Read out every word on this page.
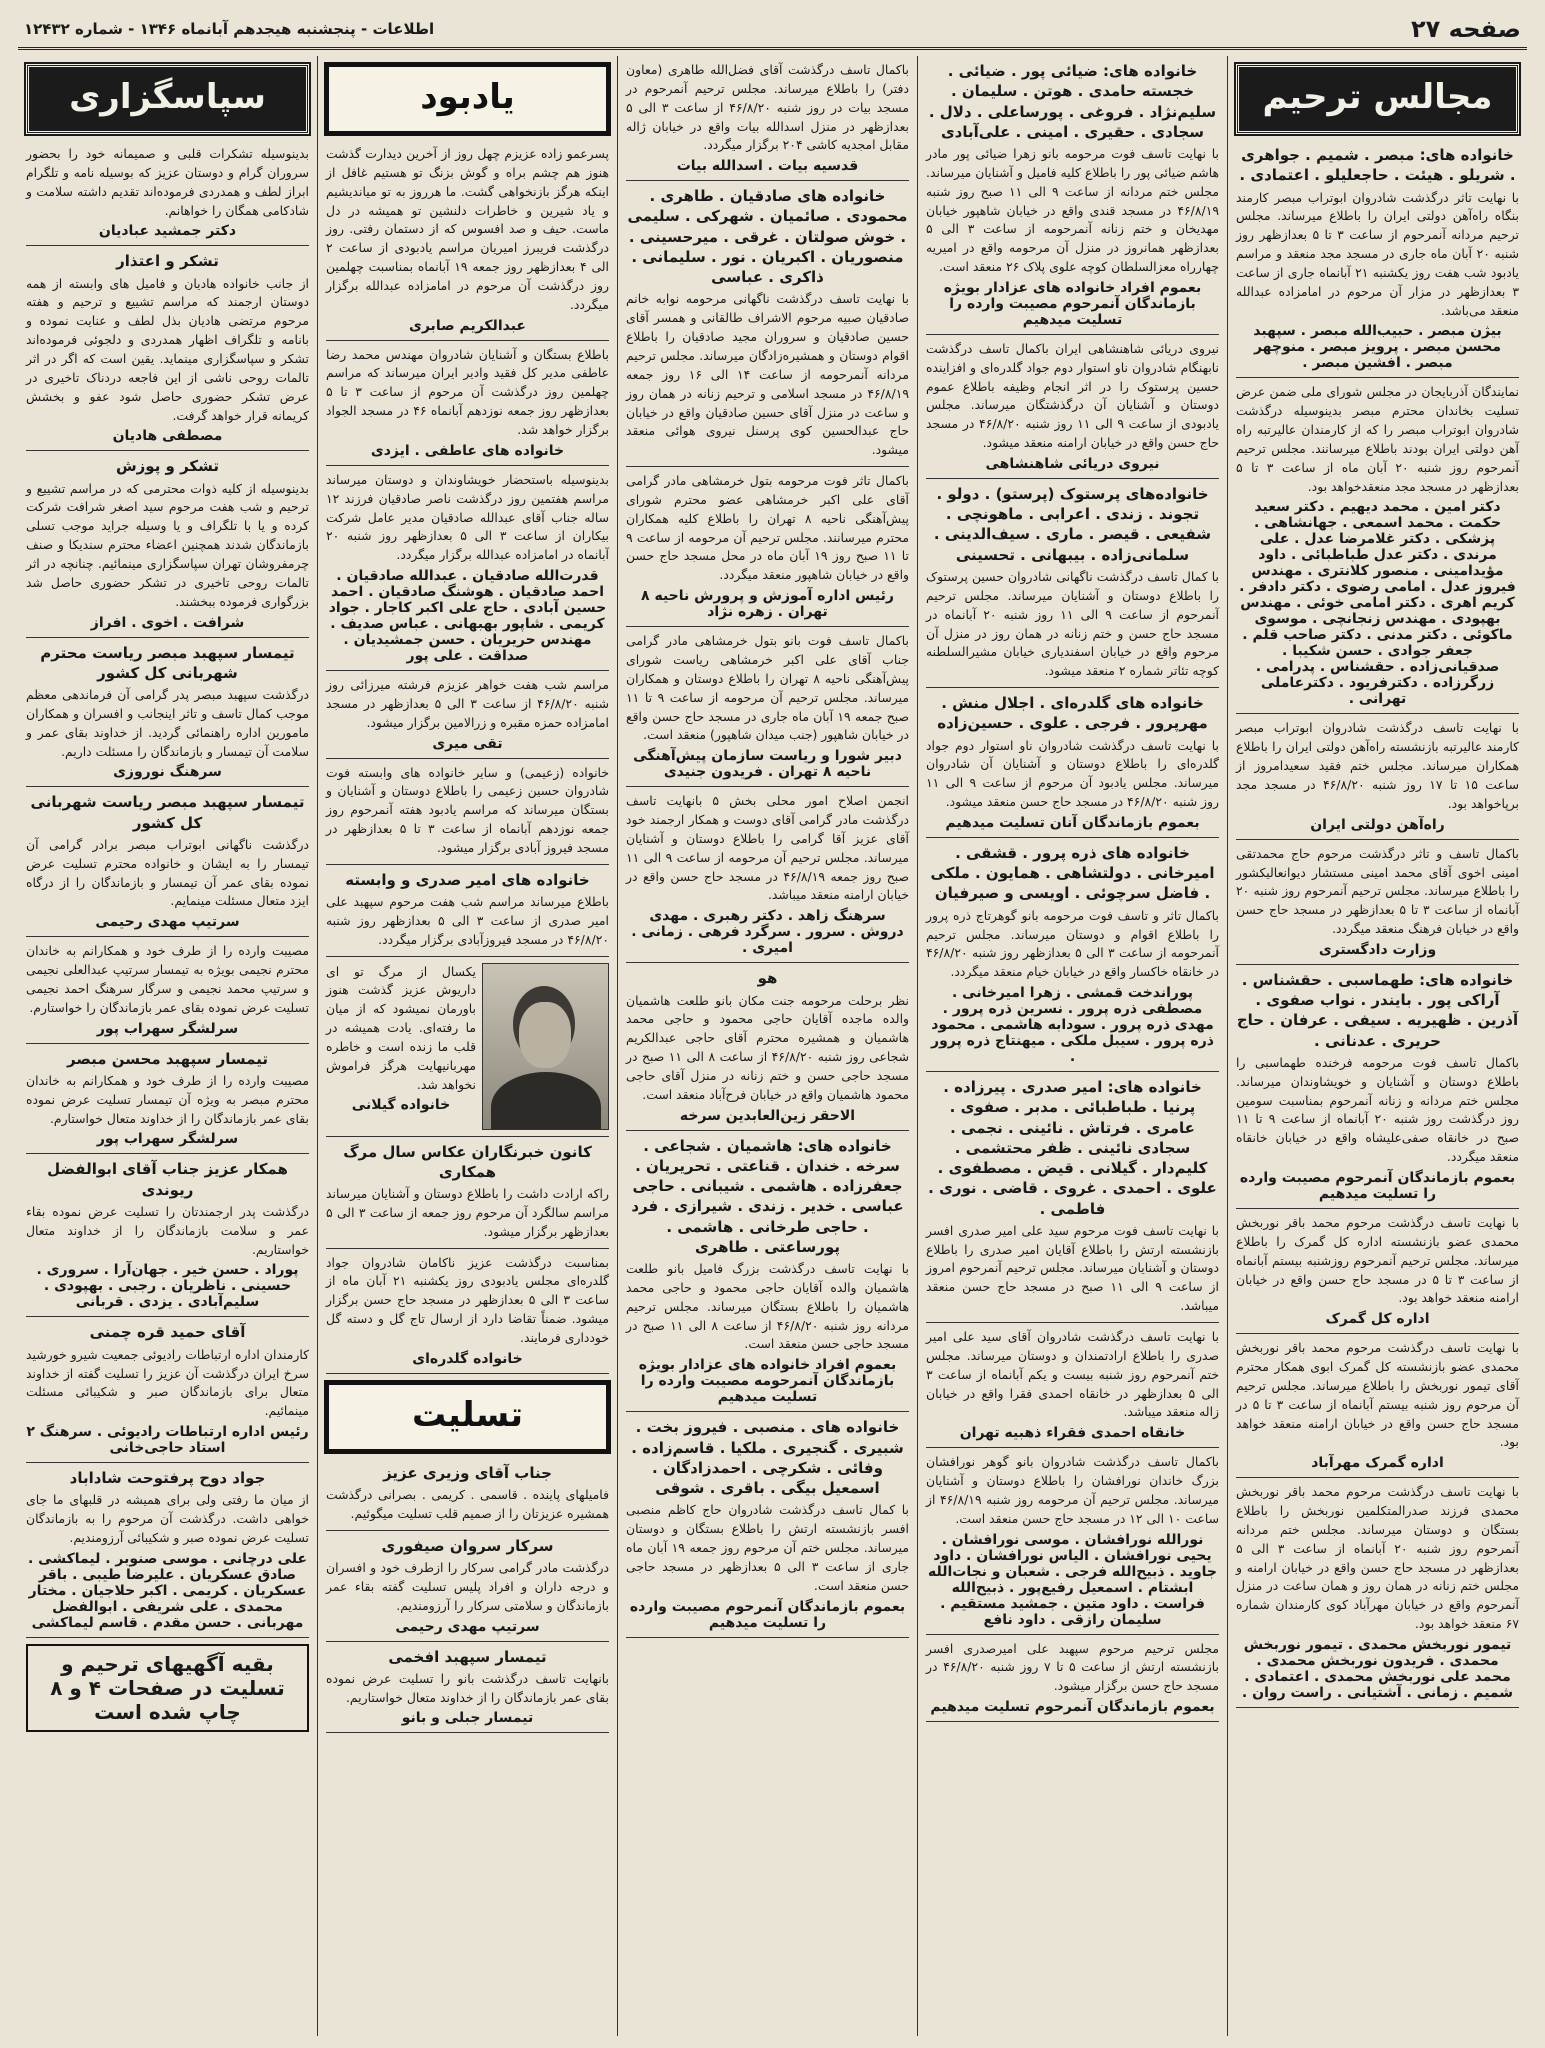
صفحه ۲۷
اطلاعات - پنجشنبه هیجدهم آبانماه ۱۳۴۶ - شماره ۱۲۴۳۲
مجالس ترحیم
خانواده های: مبصر . شمیم . جواهری . شریلو . هیئت . حاجعلیلو . اعتمادی .
با نهایت تاثر درگذشت شادروان ابوتراب مبصر کارمند بنگاه راه‌آهن دولتی ایران را باطلاع میرساند. مجلس ترحیم مردانه آنمرحوم از ساعت ۳ تا ۵ بعدازظهر روز شنبه ۲۰ آبان ماه جاری در مسجد مجد منعقد و مراسم یادبود شب هفت روز یکشنبه ۲۱ آبانماه جاری از ساعت ۳ بعدازظهر در مزار آن مرحوم در امامزاده عبدالله منعقد می‌باشد.
بیژن مبصر . حبیب‌الله مبصر . سپهبد محسن مبصر . پرویز مبصر . منوچهر مبصر . افشین مبصر .
نمایندگان آذربایجان در مجلس شورای ملی ضمن عرض تسلیت بخاندان محترم مبصر بدینوسیله درگذشت شادروان ابوتراب مبصر را که از کارمندان عالیرتبه راه آهن دولتی ایران بودند باطلاع میرسانند. مجلس ترحیم آنمرحوم روز شنبه ۲۰ آبان ماه از ساعت ۳ تا ۵ بعدازظهر در مسجد مجد منعقدخواهد بود.
دکتر امین . محمد دیهیم . دکتر سعید حکمت . محمد اسمعی . جهانشاهی . پزشکی . دکتر غلامرضا عدل . علی مرندی . دکتر عدل طباطبائی . داود مؤیدامینی . منصور کلانتری . مهندس فیروز عدل . امامی رضوی . دکتر دادفر . کریم اهری . دکتر امامی خوئی . مهندس بهپودی . مهندس زنجانچی . موسوی ماکوئی . دکتر مدنی . دکتر صاحب قلم . جعفر جوادی . حسن شکیبا . صدقیانی‌زاده . حقشناس . پدرامی . زرگرزاده . دکترفریود . دکترعاملی تهرانی .
با نهایت تاسف درگذشت شادروان ابوتراب مبصر کارمند عالیرتبه بازنشسته راه‌آهن دولتی ایران را باطلاع همکاران میرساند. مجلس ختم فقید سعیدامروز از ساعت ۱۵ تا ۱۷ روز شنبه ۴۶/۸/۲۰ در مسجد مجد برپاخواهد بود.
راه‌آهن دولتی ایران
باکمال تاسف و تاثر درگذشت مرحوم حاج محمدتقی امینی اخوی آقای محمد امینی مستشار دیوانعالیکشور را باطلاع میرساند. مجلس ترحیم آنمرحوم روز شنبه ۲۰ آبانماه از ساعت ۳ تا ۵ بعدازظهر در مسجد حاج حسن واقع در خیابان فرهنگ منعقد میگردد.
وزارت دادگستری
خانواده های: طهماسبی . حقشناس . آراکی پور . بایندر . نواب صفوی . آذرین . ظهیریه . سیفی . عرفان . حاج حریری . عدنانی .
باکمال تاسف فوت مرحومه فرخنده طهماسبی را باطلاع دوستان و آشنایان و خویشاوندان میرساند. مجلس ختم مردانه و زنانه آنمرحوم بمناسبت سومین روز درگذشت روز شنبه ۲۰ آبانماه از ساعت ۹ تا ۱۱ صبح در خانقاه صفی‌علیشاه واقع در خیابان خانقاه منعقد میگردد.
بعموم بازماندگان آنمرحوم مصیبت وارده را تسلیت میدهیم
با نهایت تاسف درگذشت مرحوم محمد باقر نوربخش محمدی عضو بازنشسته اداره کل گمرک را باطلاع میرساند. مجلس ترحیم آنمرحوم روزشنبه بیستم آبانماه از ساعت ۳ تا ۵ در مسجد حاج حسن واقع در خیابان ارامنه منعقد خواهد بود.
اداره کل گمرک
با نهایت تاسف درگذشت مرحوم محمد باقر نوربخش محمدی عضو بازنشسته کل گمرک ابوی همکار محترم آقای تیمور نوربخش را باطلاع میرساند. مجلس ترحیم آن مرحوم روز شنبه بیستم آبانماه از ساعت ۳ تا ۵ در مسجد حاج حسن واقع در خیابان ارامنه منعقد خواهد بود.
اداره گمرک مهرآباد
با نهایت تاسف درگذشت مرحوم محمد باقر نوربخش محمدی فرزند صدرالمتکلمین نوربخش را باطلاع بستگان و دوستان میرساند. مجلس ختم مردانه آنمرحوم روز شنبه ۲۰ آبانماه از ساعت ۳ الی ۵ بعدازظهر در مسجد حاج حسن واقع در خیابان ارامنه و مجلس ختم زنانه در همان روز و همان ساعت در منزل آنمرحوم واقع در خیابان مهرآباد کوی کارمندان شماره ۶۷ منعقد خواهد بود.
تیمور نوربخش محمدی . تیمور نوربخش محمدی . فریدون نوربخش محمدی . محمد علی نوربخش محمدی . اعتمادی . شمیم . زمانی . آشتیانی . راست روان .
خانواده های: ضیائی پور . ضیائی . خجسته حامدی . هوتن . سلیمان . سلیم‌نژاد . فروغی . پورساعلی . دلال . سجادی . حقیری . امینی . علی‌آبادی
با نهایت تاسف فوت مرحومه بانو زهرا ضیائی پور مادر هاشم ضیائی پور را باطلاع کلیه فامیل و آشنایان میرساند. مجلس ختم مردانه از ساعت ۹ الی ۱۱ صبح روز شنبه ۴۶/۸/۱۹ در مسجد قندی واقع در خیابان شاهپور خیابان مهدیخان و ختم زنانه آنمرحومه از ساعت ۳ الی ۵ بعدازظهر همانروز در منزل آن مرحومه واقع در امیریه چهارراه معزالسلطان کوچه علوی پلاک ۲۶ منعقد است.
بعموم افراد خانواده های عزادار بویژه بازماندگان آنمرحوم مصیبت وارده را تسلیت میدهیم
نیروی دریائی شاهنشاهی ایران باکمال تاسف درگذشت نابهنگام شادروان ناو استوار دوم جواد گلدره‌ای و افزاینده حسین پرستوک را در اثر انجام وظیفه باطلاع عموم دوستان و آشنایان آن درگذشتگان میرساند. مجلس یادبودی از ساعت ۹ الی ۱۱ روز شنبه ۴۶/۸/۲۰ در مسجد حاج حسن واقع در خیابان ارامنه منعقد میشود.
نیروی دریائی شاهنشاهی
خانواده‌های پرستوک (پرستو) . دولو . تجوند . زندی . اعرابی . ماهونچی . شفیعی . قیصر . ماری . سیف‌الدینی . سلمانی‌زاده . بیبهانی . تحسینی
با کمال تاسف درگذشت ناگهانی شادروان حسین پرستوک را باطلاع دوستان و آشنایان میرساند. مجلس ترحیم آنمرحوم از ساعت ۹ الی ۱۱ روز شنبه ۲۰ آبانماه در مسجد حاج حسن و ختم زنانه در همان روز در منزل آن مرحوم واقع در خیابان اسفندیاری خیابان مشیرالسلطنه کوچه تئاتر شماره ۲ منعقد میشود.
خانواده های گلدره‌ای . اجلال منش . مهرپرور . فرجی . علوی . حسین‌زاده
با نهایت تاسف درگذشت شادروان ناو استوار دوم جواد گلدره‌ای را باطلاع دوستان و آشنایان آن شادروان میرساند. مجلس یادبود آن مرحوم از ساعت ۹ الی ۱۱ روز شنبه ۴۶/۸/۲۰ در مسجد حاج حسن منعقد میشود.
بعموم بازماندگان آنان تسلیت میدهیم
خانواده های ذره پرور . قشقی . امیرخانی . دولتشاهی . همایون . ملکی . فاضل سرچوئی . اویسی و صیرفیان
باکمال تاثر و تاسف فوت مرحومه بانو گوهرتاج ذره پرور را باطلاع اقوام و دوستان میرساند. مجلس ترحیم آنمرحومه از ساعت ۳ الی ۵ بعدازظهر روز شنبه ۴۶/۸/۲۰ در خانقاه خاکسار واقع در خیابان خیام منعقد میگردد.
پوراندخت قمشی . زهرا امیرخانی . مصطفی ذره پرور . نسرین ذره پرور . مهدی ذره پرور . سودابه هاشمی . محمود ذره پرور . سیبل ملکی . میهنتاج ذره پرور .
خانواده های: امیر صدری . پیرزاده . پرنیا . طباطبائی . مدبر . صفوی . عامری . فرتاش . نائینی . نجمی . سجادی نائینی . ظفر محتشمی . کلیم‌دار . گیلانی . قیض . مصطفوی . علوی . احمدی . غروی . قاضی . نوری . فاطمی .
با نهایت تاسف فوت مرحوم سید علی امیر صدری افسر بازنشسته ارتش را باطلاع آقایان امیر صدری را باطلاع دوستان و آشنایان میرساند. مجلس ترحیم آنمرحوم امروز از ساعت ۹ الی ۱۱ صبح در مسجد حاج حسن منعقد میباشد.
با نهایت تاسف درگذشت شادروان آقای سید علی امیر صدری را باطلاع ارادتمندان و دوستان میرساند. مجلس ختم آنمرحوم روز شنبه بیست و یکم آبانماه از ساعت ۳ الی ۵ بعدازظهر در خانقاه احمدی فقرا واقع در خیابان زاله منعقد میباشد.
خانقاه احمدی فقراء ذهبیه تهران
باکمال تاسف درگذشت شادروان بانو گوهر نورافشان بزرگ خاندان نورافشان را باطلاع دوستان و آشنایان میرساند. مجلس ترحیم آن مرحومه روز شنبه ۴۶/۸/۱۹ از ساعت ۱۰ الی ۱۲ در مسجد حاج حسن منعقد است.
نورالله نورافشان . موسی نورافشان . یحیی نورافشان . الیاس نورافشان . داود جاوید . ذبیح‌الله فرجی . شعبان و نجات‌الله ابشتام . اسمعیل رفیع‌پور . ذبیح‌الله فراست . داود متین . جمشید مستقیم . سلیمان رازقی . داود نافع
مجلس ترحیم مرحوم سپهبد علی امیرصدری افسر بازنشسته ارتش از ساعت ۵ تا ۷ روز شنبه ۴۶/۸/۲۰ در مسجد حاج حسن برگزار میشود.
بعموم بازماندگان آنمرحوم تسلیت میدهیم
باکمال تاسف درگذشت آقای فضل‌الله طاهری (معاون دفتر) را باطلاع میرساند. مجلس ترحیم آنمرحوم در مسجد بیات در روز شنبه ۴۶/۸/۲۰ از ساعت ۳ الی ۵ بعدازظهر در منزل اسدالله بیات واقع در خیابان ژاله مقابل امجدیه کاشی ۲۰۴ برگزار میگردد.
قدسیه بیات . اسدالله بیات
خانواده های صادقیان . طاهری . محمودی . صائمیان . شهرکی . سلیمی . خوش صولتان . غرقی . میرحسینی . منصوریان . اکبریان . نور . سلیمانی . ذاکری . عباسی
با نهایت تاسف درگذشت ناگهانی مرحومه نوابه خانم صادقیان صبیه مرحوم الاشراف طالقانی و همسر آقای حسین صادقیان و سروران مجید صادقیان را باطلاع اقوام دوستان و همشیره‌زادگان میرساند. مجلس ترحیم مردانه آنمرحومه از ساعت ۱۴ الی ۱۶ روز جمعه ۴۶/۸/۱۹ در مسجد اسلامی و ترحیم زنانه در همان روز و ساعت در منزل آقای حسین صادقیان واقع در خیابان حاج عبدالحسین کوی پرسنل نیروی هوائی منعقد میشود.
باکمال تاثر فوت مرحومه بتول خرمشاهی مادر گرامی آقای علی اکبر خرمشاهی عضو محترم شورای پیش‌آهنگی ناحیه ۸ تهران را باطلاع کلیه همکاران محترم میرسانند. مجلس ترحیم آن مرحومه از ساعت ۹ تا ۱۱ صبح روز ۱۹ آبان ماه در محل مسجد حاج حسن واقع در خیابان شاهپور منعقد میگردد.
رئیس اداره آموزش و پرورش ناحیه ۸ تهران . زهره نژاد
باکمال تاسف فوت بانو بتول خرمشاهی مادر گرامی جناب آقای علی اکبر خرمشاهی ریاست شورای پیش‌آهنگی ناحیه ۸ تهران را باطلاع دوستان و همکاران میرساند. مجلس ترحیم آن مرحومه از ساعت ۹ تا ۱۱ صبح جمعه ۱۹ آبان ماه جاری در مسجد حاج حسن واقع در خیابان شاهپور (جنب میدان شاهپور) منعقد است.
دبیر شورا و ریاست سازمان پیش‌آهنگی ناحیه ۸ تهران . فریدون جنیدی
انجمن اصلاح امور محلی بخش ۵ بانهایت تاسف درگذشت مادر گرامی آقای دوست و همکار ارجمند خود آقای عزیز آقا گرامی را باطلاع دوستان و آشنایان میرساند. مجلس ترحیم آن مرحومه از ساعت ۹ الی ۱۱ صبح روز جمعه ۴۶/۸/۱۹ در مسجد حاج حسن واقع در خیابان ارامنه منعقد میباشد.
سرهنگ زاهد . دکتر رهبری . مهدی دروش . سرور . سرگرد فرهی . زمانی . امیری .
هو
نظر برحلت مرحومه جنت مکان بانو طلعت هاشمیان والده ماجده آقایان حاجی محمود و حاجی محمد هاشمیان و همشیره محترم آقای حاجی عبدالکریم شجاعی روز شنبه ۴۶/۸/۲۰ از ساعت ۸ الی ۱۱ صبح در مسجد حاجی حسن و ختم زنانه در منزل آقای حاجی محمود هاشمیان واقع در خیابان فرح‌آباد منعقد است.
الاحقر زین‌العابدین سرخه
خانواده های: هاشمیان . شجاعی . سرخه . خندان . قناعتی . تحریریان . جعفرزاده . هاشمی . شیبانی . حاجی عباسی . خدیر . زندی . شیرازی . فرد . حاجی طرخانی . هاشمی . پورساعتی . طاهری
با نهایت تاسف درگذشت بزرگ فامیل بانو طلعت هاشمیان والده آقایان حاجی محمود و حاجی محمد هاشمیان را باطلاع بستگان میرساند. مجلس ترحیم مردانه روز شنبه ۴۶/۸/۲۰ از ساعت ۸ الی ۱۱ صبح در مسجد حاجی حسن منعقد است.
بعموم افراد خانواده های عزادار بویژه بازماندگان آنمرحومه مصیبت وارده را تسلیت میدهیم
خانواده های . منصبی . فیروز بخت . شبیری . گنجیری . ملکیا . قاسم‌زاده . وفائی . شکرچی . احمدزادگان . اسمعیل بیگی . باقری . شوقی
با کمال تاسف درگذشت شادروان حاج کاظم منصبی افسر بازنشسته ارتش را باطلاع بستگان و دوستان میرساند. مجلس ختم آن مرحوم روز جمعه ۱۹ آبان ماه جاری از ساعت ۳ الی ۵ بعدازظهر در مسجد حاجی حسن منعقد است.
بعموم بازماندگان آنمرحوم مصیبت وارده را تسلیت میدهیم
یادبود
پسرعمو زاده عزیزم چهل روز از آخرین دیدارت گذشت هنوز هم چشم براه و گوش بزنگ تو هستیم غافل از اینکه هرگز بازنخواهی گشت. ما هرروز به تو میاندیشیم و یاد شیرین و خاطرات دلنشین تو همیشه در دل ماست. حیف و صد افسوس که از دستمان رفتی. روز درگذشت فریبرز امیریان مراسم یادبودی از ساعت ۲ الی ۴ بعدازظهر روز جمعه ۱۹ آبانماه بمناسبت چهلمین روز درگذشت آن مرحوم در امامزاده عبدالله برگزار میگردد.
عبدالکریم صابری
باطلاع بستگان و آشنایان شادروان مهندس محمد رضا عاطفی مدیر کل فقید وادیر ایران میرساند که مراسم چهلمین روز درگذشت آن مرحوم از ساعت ۳ تا ۵ بعدازظهر روز جمعه نوزدهم آبانماه ۴۶ در مسجد الجواد برگزار خواهد شد.
خانواده های عاطفی . ایزدی
بدینوسیله باستحضار خویشاوندان و دوستان میرساند مراسم هفتمین روز درگذشت ناصر صادقیان فرزند ۱۲ ساله جناب آقای عبدالله صادقیان مدیر عامل شرکت بیکاران از ساعت ۳ الی ۵ بعدازظهر روز شنبه ۲۰ آبانماه در امامزاده عبدالله برگزار میگردد.
قدرت‌الله صادقیان . عبدالله صادقیان . احمد صادقیان . هوشنگ صادقیان . احمد حسین آبادی . حاج علی اکبر کاجار . جواد کریمی . شاپور بهبهانی . عباس صدیف . مهندس حریریان . حسن جمشیدیان . صداقت . علی پور
مراسم شب هفت خواهر عزیزم فرشته میرزائی روز شنبه ۴۶/۸/۲۰ از ساعت ۳ الی ۵ بعدازظهر در مسجد امامزاده حمزه مقبره و زرالامین برگزار میشود.
تقی میری
خانواده (زعیمی) و سایر خانواده های وابسته فوت شادروان حسین زعیمی را باطلاع دوستان و آشنایان و بستگان میرساند که مراسم یادبود هفته آنمرحوم روز جمعه نوزدهم آبانماه از ساعت ۳ تا ۵ بعدازظهر در مسجد فیروز آبادی برگزار میشود.
خانواده های امیر صدری و وابسته
باطلاع میرساند مراسم شب هفت مرحوم سپهبد علی امیر صدری از ساعت ۳ الی ۵ بعدازظهر روز شنبه ۴۶/۸/۲۰ در مسجد فیروزآبادی برگزار میگردد.
یکسال از مرگ تو ای داریوش عزیز گذشت هنوز باورمان نمیشود که از میان ما رفته‌ای. یادت همیشه در قلب ما زنده است و خاطره مهربانیهایت هرگز فراموش نخواهد شد.
خانواده گیلانی
کانون خبرنگاران عکاس سال مرگ همکاری
راکه ارادت داشت را باطلاع دوستان و آشنایان میرساند مراسم سالگرد آن مرحوم روز جمعه از ساعت ۳ الی ۵ بعدازظهر برگزار میشود.
بمناسبت درگذشت عزیز ناکامان شادروان جواد گلدره‌ای مجلس یادبودی روز یکشنبه ۲۱ آبان ماه از ساعت ۳ الی ۵ بعدازظهر در مسجد حاج حسن برگزار میشود. ضمناً تقاضا دارد از ارسال تاج گل و دسته گل خودداری فرمایند.
خانواده گلدره‌ای
تسلیت
جناب آقای وزیری عزیز
فامیلهای پاینده . قاسمی . کریمی . بصرانی درگذشت همشیره عزیزتان را از صمیم قلب تسلیت میگوئیم.
سرکار سروان صیفوری
درگذشت مادر گرامی سرکار را ازطرف خود و افسران و درجه داران و افراد پلیس تسلیت گفته بقاء عمر بازماندگان و سلامتی سرکار را آرزومندیم.
سرتیپ مهدی رحیمی
تیمسار سپهبد افخمی
بانهایت تاسف درگذشت بانو را تسلیت عرض نموده بقای عمر بازماندگان را از خداوند متعال خواستاریم.
تیمسار جبلی و بانو
سپاسگزاری
بدینوسیله تشکرات قلبی و صمیمانه خود را بحضور سروران گرام و دوستان عزیز که بوسیله نامه و تلگرام ابراز لطف و همدردی فرموده‌اند تقدیم داشته سلامت و شادکامی همگان را خواهانم.
دکتر جمشید عبادیان
تشکر و اعتذار
از جانب خانواده هادیان و فامیل های وابسته از همه دوستان ارجمند که مراسم تشییع و ترحیم و هفته مرحوم مرتضی هادیان بذل لطف و عنایت نموده و بانامه و تلگراف اظهار همدردی و دلجوئی فرموده‌اند تشکر و سپاسگزاری مینماید. یقین است که اگر در اثر تالمات روحی ناشی از این فاجعه دردناک تاخیری در عرض تشکر حضوری حاصل شود عفو و بخشش کریمانه قرار خواهد گرفت.
مصطفی هادیان
تشکر و پوزش
بدینوسیله از کلیه ذوات محترمی که در مراسم تشییع و ترحیم و شب هفت مرحوم سید اصغر شرافت شرکت کرده و یا با تلگراف و یا وسیله جراید موجب تسلی بازماندگان شدند همچنین اعضاء محترم سندیکا و صنف چرمفروشان تهران سپاسگزاری مینمائیم. چنانچه در اثر تالمات روحی تاخیری در تشکر حضوری حاصل شد بزرگواری فرموده ببخشند.
شرافت . اخوی . افراز
تیمسار سپهبد مبصر ریاست محترم شهربانی کل کشور
درگذشت سپهبد مبصر پدر گرامی آن فرماندهی معظم موجب کمال تاسف و تاثر اینجانب و افسران و همکاران مامورین اداره راهنمائی گردید. از خداوند بقای عمر و سلامت آن تیمسار و بازماندگان را مسئلت داریم.
سرهنگ نوروزی
تیمسار سپهبد مبصر ریاست شهربانی کل کشور
درگذشت ناگهانی ابوتراب مبصر برادر گرامی آن تیمسار را به ایشان و خانواده محترم تسلیت عرض نموده بقای عمر آن تیمسار و بازماندگان را از درگاه ایزد متعال مسئلت مینمایم.
سرتیپ مهدی رحیمی
مصیبت وارده را از طرف خود و همکارانم به خاندان محترم نجیمی بویژه به تیمسار سرتیپ عبدالعلی نجیمی و سرتیپ محمد نجیمی و سرگار سرهنگ احمد نجیمی تسلیت عرض نموده بقای عمر بازماندگان را خواستارم.
سرلشگر سهراب پور
تیمسار سپهبد محسن مبصر
مصیبت وارده را از طرف خود و همکارانم به خاندان محترم مبصر به ویژه آن تیمسار تسلیت عرض نموده بقای عمر بازماندگان را از خداوند متعال خواستارم.
سرلشگر سهراب پور
همکار عزیز جناب آقای ابوالفضل ریوندی
درگذشت پدر ارجمندتان را تسلیت عرض نموده بقاء عمر و سلامت بازماندگان را از خداوند متعال خواستاریم.
پوراد . حسن خیر . جهان‌آرا . سروری . حسینی . ناظریان . رجبی . بهپودی . سلیم‌آبادی . یزدی . قربانی
آقای حمید قره چمنی
کارمندان اداره ارتباطات رادیوئی جمعیت شیرو خورشید سرخ ایران درگذشت آن عزیز را تسلیت گفته از خداوند متعال برای بازماندگان صبر و شکیبائی مسئلت مینمائیم.
رئیس اداره ارتباطات رادیوئی . سرهنگ ۲ استاد حاجی‌خانی
جواد دوح پرفتوحت شاداباد
از میان ما رفتی ولی برای همیشه در قلبهای ما جای خواهی داشت. درگذشت آن مرحوم را به بازماندگان تسلیت عرض نموده صبر و شکیبائی آرزومندیم.
علی درچانی . موسی صنوبر . لیماکشی . صادق عسکریان . علیرضا طیبی . باقر عسکریان . کریمی . اکبر حلاجیان . مختار محمدی . علی شریفی . ابوالفضل مهربانی . حسن مقدم . قاسم لیماکشی
بقیه آگهیهای ترحیم و تسلیت در صفحات ۴ و ۸ چاپ شده است
